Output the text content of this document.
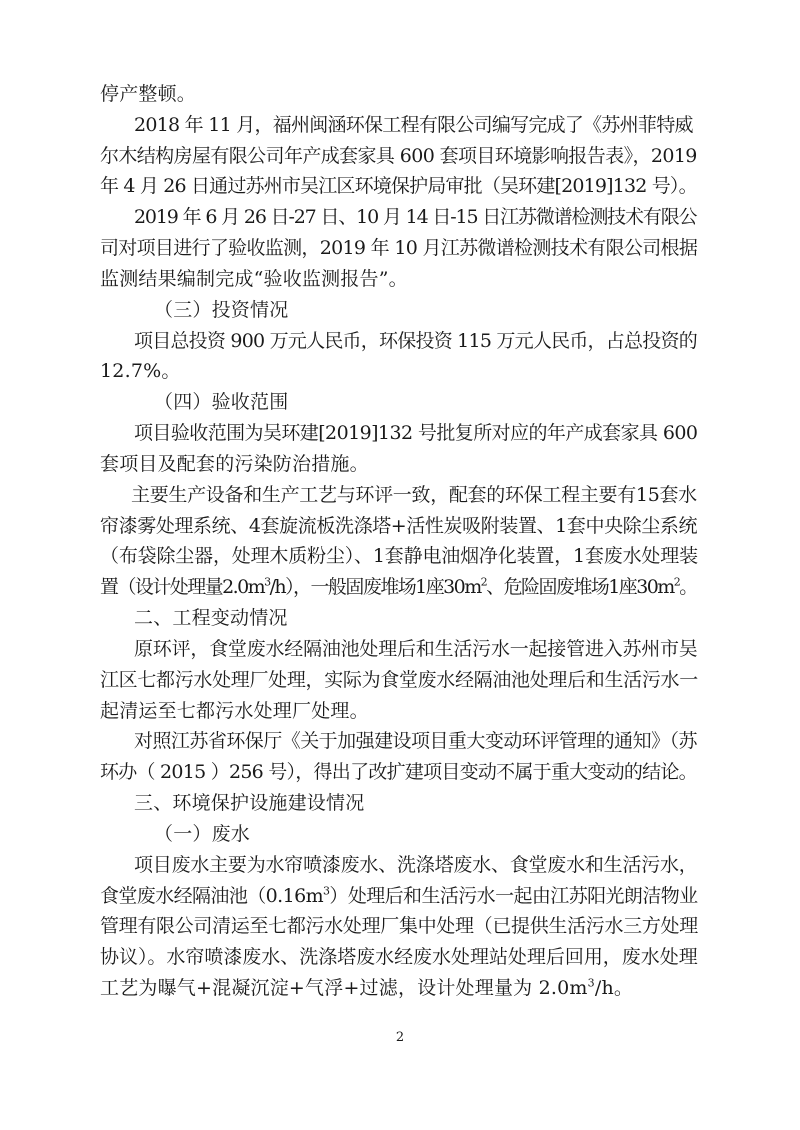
停产整顿。
2018 年 11 月，福州闽涵环保工程有限公司编写完成了《苏州菲特威
尔木结构房屋有限公司年产成套家具 600 套项目环境影响报告表》，2019
年 4 月 26 日通过苏州市吴江区环境保护局审批（吴环建[2019]132 号）。
2019 年 6 月 26 日-27 日、10 月 14 日-15 日江苏微谱检测技术有限公
司对项目进行了验收监测，2019 年 10 月江苏微谱检测技术有限公司根据
监测结果编制完成“验收监测报告”。
（三）投资情况
项目总投资 900 万元人民币，环保投资 115 万元人民币，占总投资的
12.7%。
（四）验收范围
项目验收范围为吴环建[2019]132 号批复所对应的年产成套家具 600
套项目及配套的污染防治措施。
主要生产设备和生产工艺与环评一致，配套的环保工程主要有15套水
帘漆雾处理系统、4套旋流板洗涤塔+活性炭吸附装置、1套中央除尘系统
（布袋除尘器，处理木质粉尘）、1套静电油烟净化装置，1套废水处理装
置（设计处理量$2.0m^3/h$），一般固废堆场1座$30m^2$、危险固废堆场1座$30m^2$。
二、工程变动情况
原环评，食堂废水经隔油池处理后和生活污水一起接管进入苏州市吴
江区七都污水处理厂处理，实际为食堂废水经隔油池处理后和生活污水一
起清运至七都污水处理厂处理。
对照江苏省环保厅《关于加强建设项目重大变动环评管理的通知》（苏
环办（ 2015 ）256 号），得出了改扩建项目变动不属于重大变动的结论。
三、环境保护设施建设情况
（一）废水
项目废水主要为水帘喷漆废水、洗涤塔废水、食堂废水和生活污水，
食堂废水经隔油池$(0.16m^3)$处理后和生活污水一起由江苏阳光朗洁物业
管理有限公司清运至七都污水处理厂集中处理（已提供生活污水三方处理
协议）。水帘喷漆废水、洗涤塔废水经废水处理站处理后回用，废水处理
工艺为曝气+混凝沉淀+气浮+过滤，设计处理量为 $2.0m^3/h$。
2
